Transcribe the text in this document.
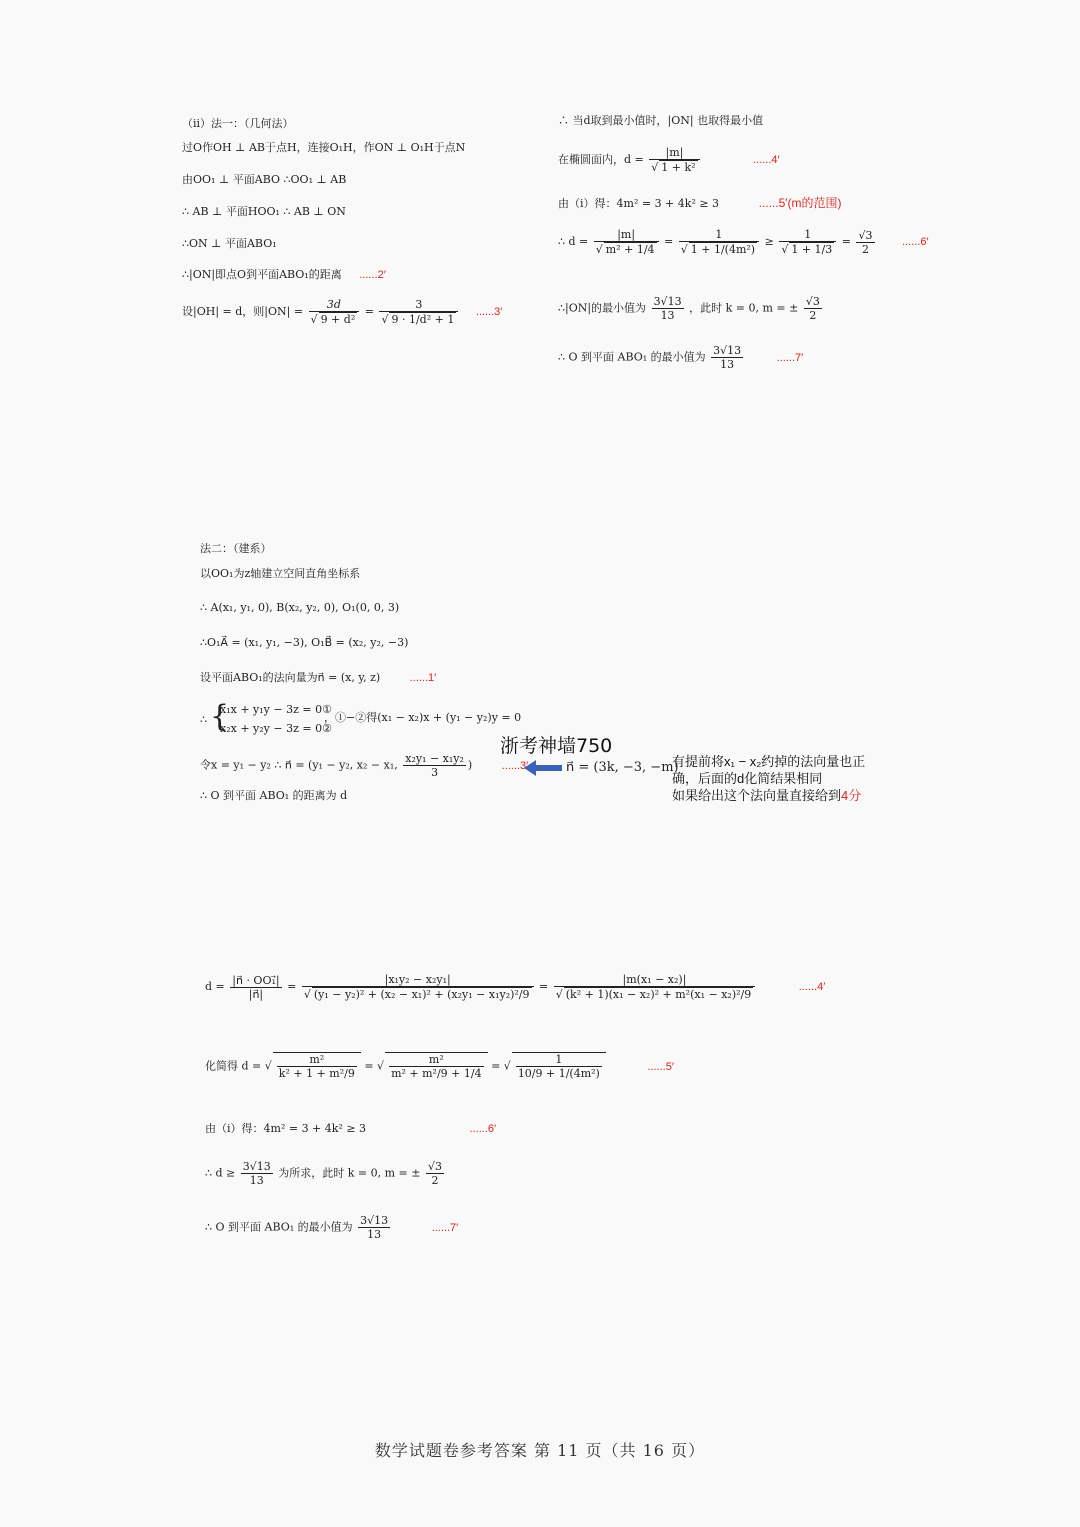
（ii）法一：（几何法）
过O作OH ⊥ AB于点H，连接O₁H，作ON ⊥ O₁H于点N
由OO₁ ⊥ 平面ABO ∴OO₁ ⊥ AB
∴ AB ⊥ 平面HOO₁ ∴ AB ⊥ ON
∴ON ⊥ 平面ABO₁
∴|ON|即点O到平面ABO₁的距离 ......2′
设|OH| = d，则$|ON| = \frac{3d}{\text{√ 9 + d²}} = \frac{3}{\text{√ 9 · 1/d² + 1}} ......3'$
∴ 当d取到最小值时，|ON| 也取得最小值
在椭圆面内，$d = \frac{|m|}{\text{√ 1 + k²}}$	......4′
由（i）得：4m² = 3 + 4k² ≥ 3	......5′(m的范围)
∴ $d = \frac{|m|}{\text{√ m² + 1/4}} = \frac{1}{\text{√ 1 + 1/(4m²)}} \ge \frac{1}{√ 1 + 1/3} = \frac{√3}{2}$	......6′
∴|ON|的最小值为 $\frac{3√13}{13}$ ，此时 k = 0, m = ± $\frac{√3}{2}$
∴ O 到平面 ABO₁ 的最小值为 $\frac{3√13}{13}$	......7′
法二：（建系）
以OO₁为z轴建立空间直角坐标系
∴ A(x₁, y₁, 0), B(x₂, y₂, 0), O₁(0, 0, 3)
∴O₁A⃗ = (x₁, y₁, −3), O₁B⃗ = (x₂, y₂, −3)
设平面ABO₁的法向量为n⃗ = (x, y, z)	......1′
∴ {
x₁x + y₁y − 3z = 0①
x₂x + y₂y − 3z = 0②
，①−②得(x₁ − x₂)x + (y₁ − y₂)y = 0
令x = y₁ − y₂ ∴ n⃗ = (y₁ − y₂, x₂ − x₁, $\frac{\text{x₂y₁ − x₁y₂}}{3}$ ) ......3′
∴ O 到平面 ABO₁ 的距离为 d
浙考神墙750
n⃗ = (3k, −3, −m)
有提前将x₁ − x₂约掉的法向量也正
确，后面的d化简结果相同
如果给出这个法向量直接给到4分
$d = \frac{\text{|n⃗ · OO₁⃗|}}{|n⃗|} = \frac{\text{|x₁y₂ − x₂y₁|}}{\text{√ (y₁ − y₂)² + (x₂ − x₁)² + (x₂y₁ − x₁y₂)²/9}} = \frac{\text{|m(x₁ − x₂)|}}{\text{√ (k² + 1)(x₁ − x₂)² + m²(x₁ − x₂)²/9}}$	......4′
化简得 d = √ $\frac{\text{m²}}{\text{k² + 1 + m²/9}}$ = √ $\frac{\text{m²}}{\text{m² + m²/9 + 1/4}}$ = √ $\frac{1}{\text{10/9 + 1/(4m²)}}$	......5′
由（i）得：4m² = 3 + 4k² ≥ 3	......6′
∴ $d \ge \frac{3√13}{13}$ 为所求，此时 k = 0, m = ± $\frac{√3}{2}$
∴ O 到平面 ABO₁ 的最小值为 $\frac{3√13}{13}$	......7′
数学试题卷参考答案 第 11 页（共 16 页）
